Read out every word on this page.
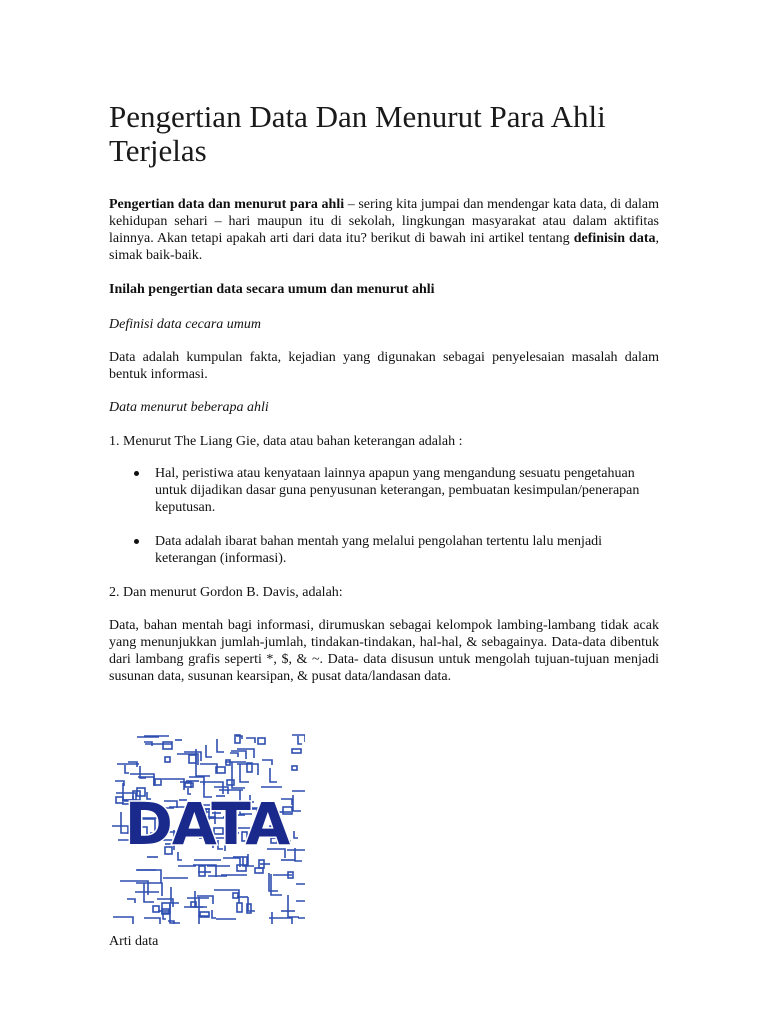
Pengertian Data Dan Menurut Para Ahli Terjelas

Pengertian data dan menurut para ahli – sering kita jumpai dan mendengar kata data, di dalam kehidupan sehari – hari maupun itu di sekolah, lingkungan masyarakat atau dalam aktifitas lainnya. Akan tetapi apakah arti dari data itu? berikut di bawah ini artikel tentang definisin data, simak baik-baik.

Inilah pengertian data secara umum dan menurut ahli

Definisi data cecara umum

Data adalah kumpulan fakta, kejadian yang digunakan sebagai penyelesaian masalah dalam bentuk informasi.

Data menurut beberapa ahli

1. Menurut The Liang Gie, data atau bahan keterangan adalah :

Hal, peristiwa atau kenyataan lainnya apapun yang mengandung sesuatu pengetahuan untuk dijadikan dasar guna penyusunan keterangan, pembuatan kesimpulan/penerapan keputusan.
Data adalah ibarat bahan mentah yang melalui pengolahan tertentu lalu menjadi keterangan (informasi).

2. Dan menurut Gordon B. Davis, adalah:

Data, bahan mentah bagi informasi, dirumuskan sebagai kelompok lambing-lambang tidak acak yang menunjukkan jumlah-jumlah, tindakan-tindakan, hal-hal, & sebagainya. Data-data dibentuk dari lambang grafis seperti *, $, & ~. Data- data disusun untuk mengolah tujuan-tujuan menjadi susunan data, susunan kearsipan, & pusat data/landasan data.

DATA

Arti data
